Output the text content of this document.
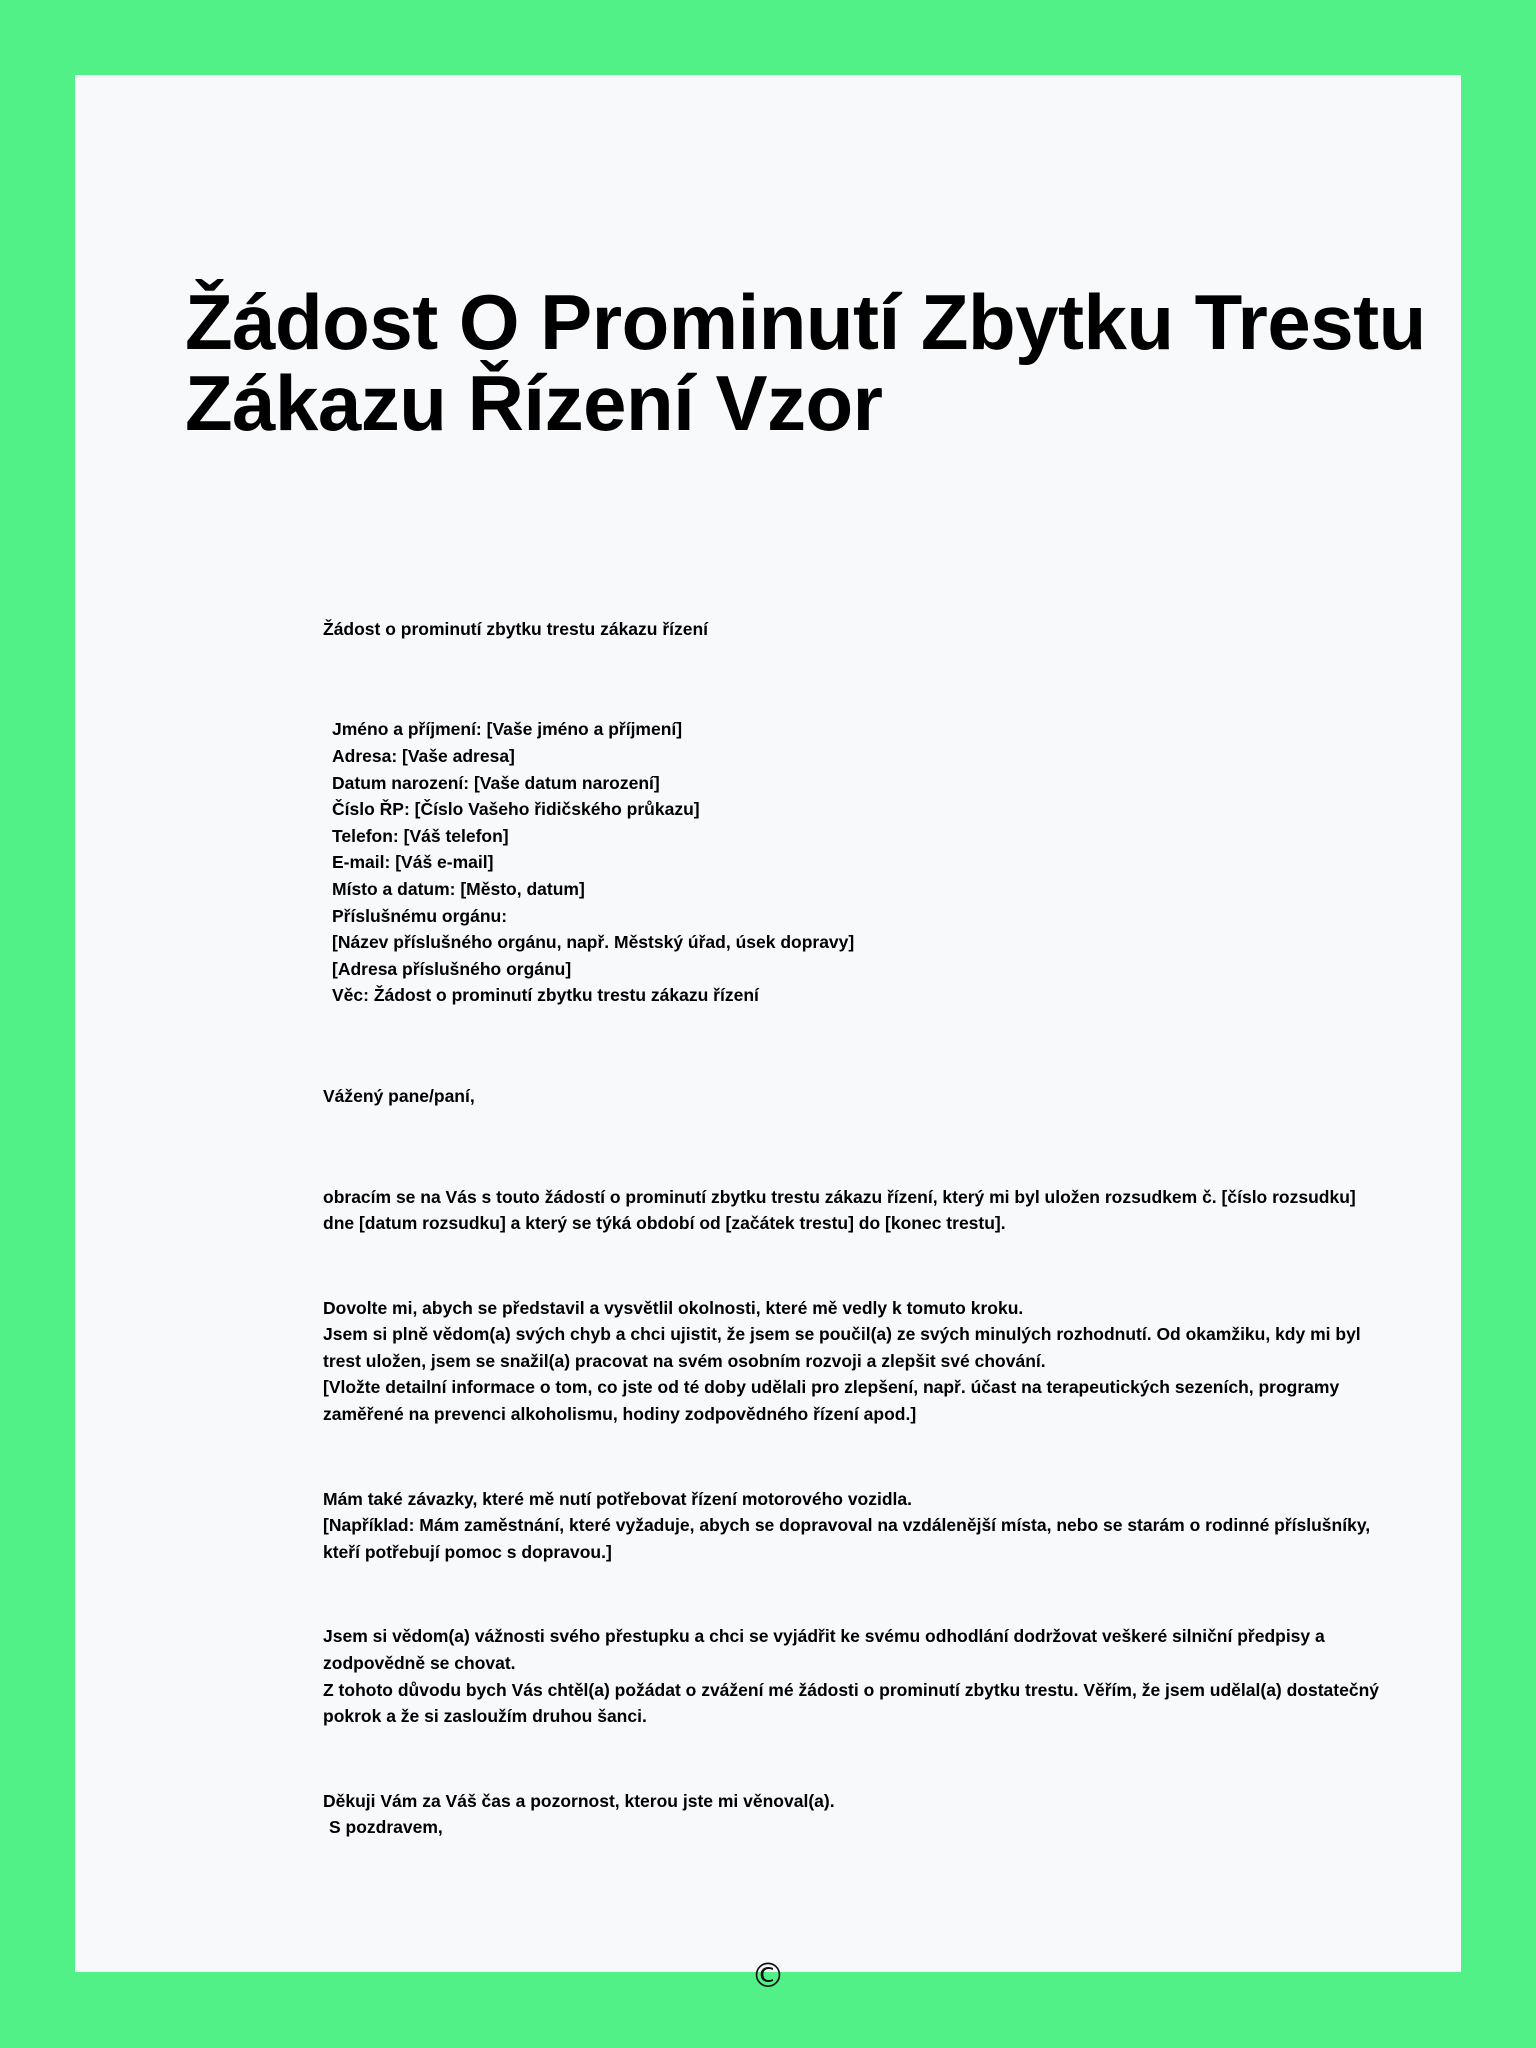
Žádost O Prominutí Zbytku Trestu Zákazu Řízení Vzor
Žádost o prominutí zbytku trestu zákazu řízení
Jméno a příjmení: [Vaše jméno a příjmení]
Adresa: [Vaše adresa]
Datum narození: [Vaše datum narození]
Číslo ŘP: [Číslo Vašeho řidičského průkazu]
Telefon: [Váš telefon]
E-mail: [Váš e-mail]
Místo a datum: [Město, datum]
Příslušnému orgánu:
[Název příslušného orgánu, např. Městský úřad, úsek dopravy]
[Adresa příslušného orgánu]
Věc: Žádost o prominutí zbytku trestu zákazu řízení
Vážený pane/paní,
obracím se na Vás s touto žádostí o prominutí zbytku trestu zákazu řízení, který mi byl uložen rozsudkem č. [číslo rozsudku] dne [datum rozsudku] a který se týká období od [začátek trestu] do [konec trestu].
Dovolte mi, abych se představil a vysvětlil okolnosti, které mě vedly k tomuto kroku.
Jsem si plně vědom(a) svých chyb a chci ujistit, že jsem se poučil(a) ze svých minulých rozhodnutí. Od okamžiku, kdy mi byl trest uložen, jsem se snažil(a) pracovat na svém osobním rozvoji a zlepšit své chování.
[Vložte detailní informace o tom, co jste od té doby udělali pro zlepšení, např. účast na terapeutických sezeních, programy zaměřené na prevenci alkoholismu, hodiny zodpovědného řízení apod.]
Mám také závazky, které mě nutí potřebovat řízení motorového vozidla.
[Například: Mám zaměstnání, které vyžaduje, abych se dopravoval na vzdálenější místa, nebo se starám o rodinné příslušníky, kteří potřebují pomoc s dopravou.]
Jsem si vědom(a) vážnosti svého přestupku a chci se vyjádřit ke svému odhodlání dodržovat veškeré silniční předpisy a zodpovědně se chovat.
Z tohoto důvodu bych Vás chtěl(a) požádat o zvážení mé žádosti o prominutí zbytku trestu. Věřím, že jsem udělal(a) dostatečný pokrok a že si zasloužím druhou šanci.
Děkuji Vám za Váš čas a pozornost, kterou jste mi věnoval(a).
S pozdravem,
©
